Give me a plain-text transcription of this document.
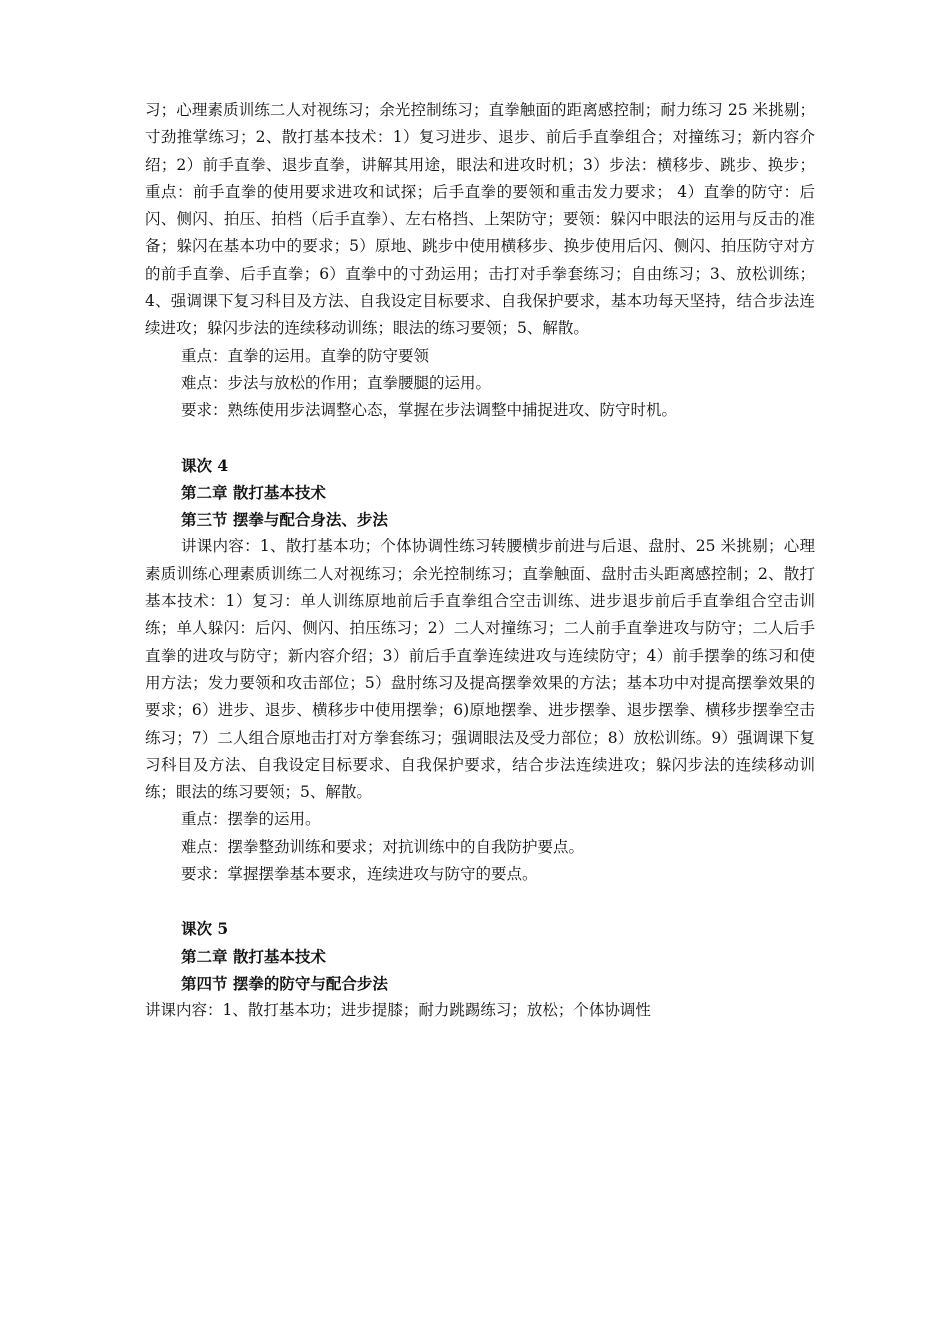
习；心理素质训练二人对视练习；余光控制练习；直拳触面的距离感控制；耐力练习 25 米挑剔；寸劲推掌练习；2、散打基本技术：1）复习进步、退步、前后手直拳组合；对撞练习；新内容介绍；2）前手直拳、退步直拳，讲解其用途，眼法和进攻时机；3）步法：横移步、跳步、换步；重点：前手直拳的使用要求进攻和试探；后手直拳的要领和重击发力要求； 4）直拳的防守：后闪、侧闪、拍压、拍档（后手直拳）、左右格挡、上架防守；要领：躲闪中眼法的运用与反击的准备；躲闪在基本功中的要求；5）原地、跳步中使用横移步、换步使用后闪、侧闪、拍压防守对方的前手直拳、后手直拳；6）直拳中的寸劲运用；击打对手拳套练习；自由练习；3、放松训练；4、强调课下复习科目及方法、自我设定目标要求、自我保护要求，基本功每天坚持，结合步法连续进攻；躲闪步法的连续移动训练；眼法的练习要领；5、解散。

重点：直拳的运用。直拳的防守要领

难点：步法与放松的作用；直拳腰腿的运用。

要求：熟练使用步法调整心态，掌握在步法调整中捕捉进攻、防守时机。

课次 4

第二章 散打基本技术

第三节 摆拳与配合身法、步法

讲课内容：1、散打基本功；个体协调性练习转腰横步前进与后退、盘肘、25 米挑剔；心理素质训练心理素质训练二人对视练习；余光控制练习；直拳触面、盘肘击头距离感控制；2、散打基本技术：1）复习：单人训练原地前后手直拳组合空击训练、进步退步前后手直拳组合空击训练；单人躲闪：后闪、侧闪、拍压练习；2）二人对撞练习；二人前手直拳进攻与防守；二人后手直拳的进攻与防守；新内容介绍；3）前后手直拳连续进攻与连续防守；4）前手摆拳的练习和使用方法；发力要领和攻击部位；5）盘肘练习及提高摆拳效果的方法；基本功中对提高摆拳效果的要求；6）进步、退步、横移步中使用摆拳；6)原地摆拳、进步摆拳、退步摆拳、横移步摆拳空击练习；7）二人组合原地击打对方拳套练习；强调眼法及受力部位；8）放松训练。9）强调课下复习科目及方法、自我设定目标要求、自我保护要求，结合步法连续进攻；躲闪步法的连续移动训练；眼法的练习要领；5、解散。

重点：摆拳的运用。

难点：摆拳整劲训练和要求；对抗训练中的自我防护要点。

要求：掌握摆拳基本要求，连续进攻与防守的要点。

课次 5

第二章 散打基本技术

第四节 摆拳的防守与配合步法

讲课内容：1、散打基本功；进步提膝；耐力跳踢练习；放松；个体协调性
